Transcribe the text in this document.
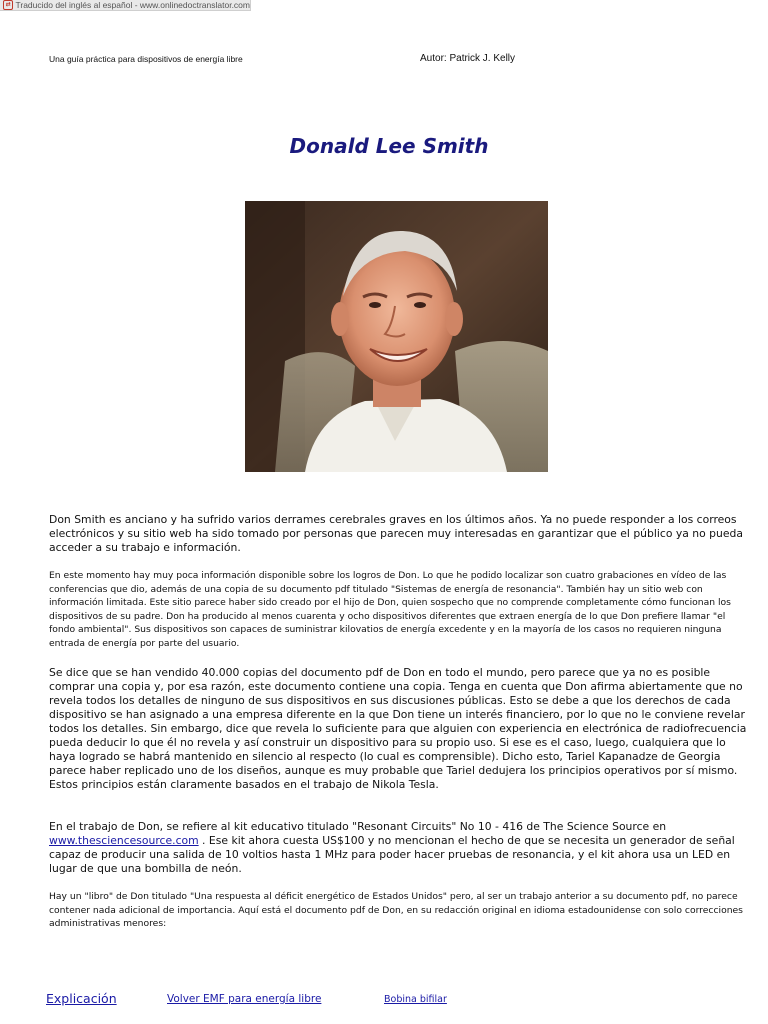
⇄ Traducido del inglés al español - www.onlinedoctranslator.com
Una guía práctica para dispositivos de energía libre	Autor: Patrick J. Kelly
Donald Lee Smith

Don Smith es anciano y ha sufrido varios derrames cerebrales graves en los últimos años. Ya no puede responder a los correos electrónicos y su sitio web ha sido tomado por personas que parecen muy interesadas en garantizar que el público ya no pueda acceder a su trabajo e información.

En este momento hay muy poca información disponible sobre los logros de Don. Lo que he podido localizar son cuatro grabaciones en vídeo de las conferencias que dio, además de una copia de su documento pdf titulado "Sistemas de energía de resonancia". También hay un sitio web con información limitada. Este sitio parece haber sido creado por el hijo de Don, quien sospecho que no comprende completamente cómo funcionan los dispositivos de su padre. Don ha producido al menos cuarenta y ocho dispositivos diferentes que extraen energía de lo que Don prefiere llamar "el fondo ambiental". Sus dispositivos son capaces de suministrar kilovatios de energía excedente y en la mayoría de los casos no requieren ninguna entrada de energía por parte del usuario.

Se dice que se han vendido 40.000 copias del documento pdf de Don en todo el mundo, pero parece que ya no es posible comprar una copia y, por esa razón, este documento contiene una copia. Tenga en cuenta que Don afirma abiertamente que no revela todos los detalles de ninguno de sus dispositivos en sus discusiones públicas. Esto se debe a que los derechos de cada dispositivo se han asignado a una empresa diferente en la que Don tiene un interés financiero, por lo que no le conviene revelar todos los detalles. Sin embargo, dice que revela lo suficiente para que alguien con experiencia en electrónica de radiofrecuencia pueda deducir lo que él no revela y así construir un dispositivo para su propio uso. Si ese es el caso, luego, cualquiera que lo haya logrado se habrá mantenido en silencio al respecto (lo cual es comprensible). Dicho esto, Tariel Kapanadze de Georgia parece haber replicado uno de los diseños, aunque es muy probable que Tariel dedujera los principios operativos por sí mismo. Estos principios están claramente basados en el trabajo de Nikola Tesla.

En el trabajo de Don, se refiere al kit educativo titulado "Resonant Circuits" No 10 - 416 de The Science Source en www.thesciencesource.com . Ese kit ahora cuesta US$100 y no mencionan el hecho de que se necesita un generador de señal capaz de producir una salida de 10 voltios hasta 1 MHz para poder hacer pruebas de resonancia, y el kit ahora usa un LED en lugar de que una bombilla de neón.

Hay un "libro" de Don titulado "Una respuesta al déficit energético de Estados Unidos" pero, al ser un trabajo anterior a su documento pdf, no parece contener nada adicional de importancia. Aquí está el documento pdf de Don, en su redacción original en idioma estadounidense con solo correcciones administrativas menores:

Explicación	Volver EMF para energía libre	Bobina bifilar
